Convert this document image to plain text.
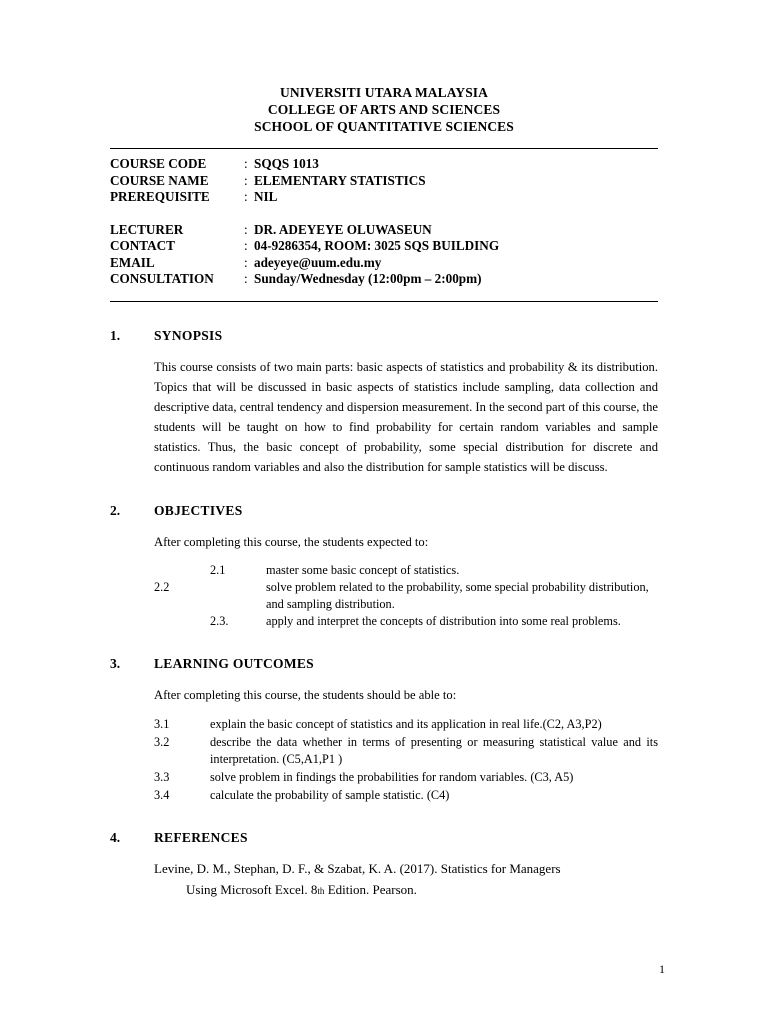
UNIVERSITI UTARA MALAYSIA
COLLEGE OF ARTS AND SCIENCES
SCHOOL OF QUANTITATIVE SCIENCES
COURSE CODE	: SQQS 1013
COURSE NAME	: ELEMENTARY STATISTICS
PREREQUISITE	: NIL
LECTURER	: DR. ADEYEYE OLUWASEUN
CONTACT	: 04-9286354, ROOM: 3025 SQS BUILDING
EMAIL	: adeyeye@uum.edu.my
CONSULTATION	: Sunday/Wednesday (12:00pm – 2:00pm)
1.	SYNOPSIS
This course consists of two main parts: basic aspects of statistics and probability & its distribution. Topics that will be discussed in basic aspects of statistics include sampling, data collection and descriptive data, central tendency and dispersion measurement. In the second part of this course, the students will be taught on how to find probability for certain random variables and sample statistics. Thus, the basic concept of probability, some special distribution for discrete and continuous random variables and also the distribution for sample statistics will be discuss.
2.	OBJECTIVES
After completing this course, the students expected to:
2.1	master some basic concept of statistics.
2.2	solve problem related to the probability, some special probability distribution, and sampling distribution.
2.3.	apply and interpret the concepts of distribution into some real problems.
3.	LEARNING OUTCOMES
After completing this course, the students should be able to:
3.1	explain the basic concept of statistics and its application in real life.(C2, A3,P2)
3.2	describe the data whether in terms of presenting or measuring statistical value and its interpretation. (C5,A1,P1 )
3.3	solve problem in findings the probabilities for random variables. (C3, A5)
3.4	calculate the probability of sample statistic. (C4)
4.	REFERENCES
Levine, D. M., Stephan, D. F., & Szabat, K. A. (2017). Statistics for Managers
Using Microsoft Excel. 8th Edition. Pearson.
1
